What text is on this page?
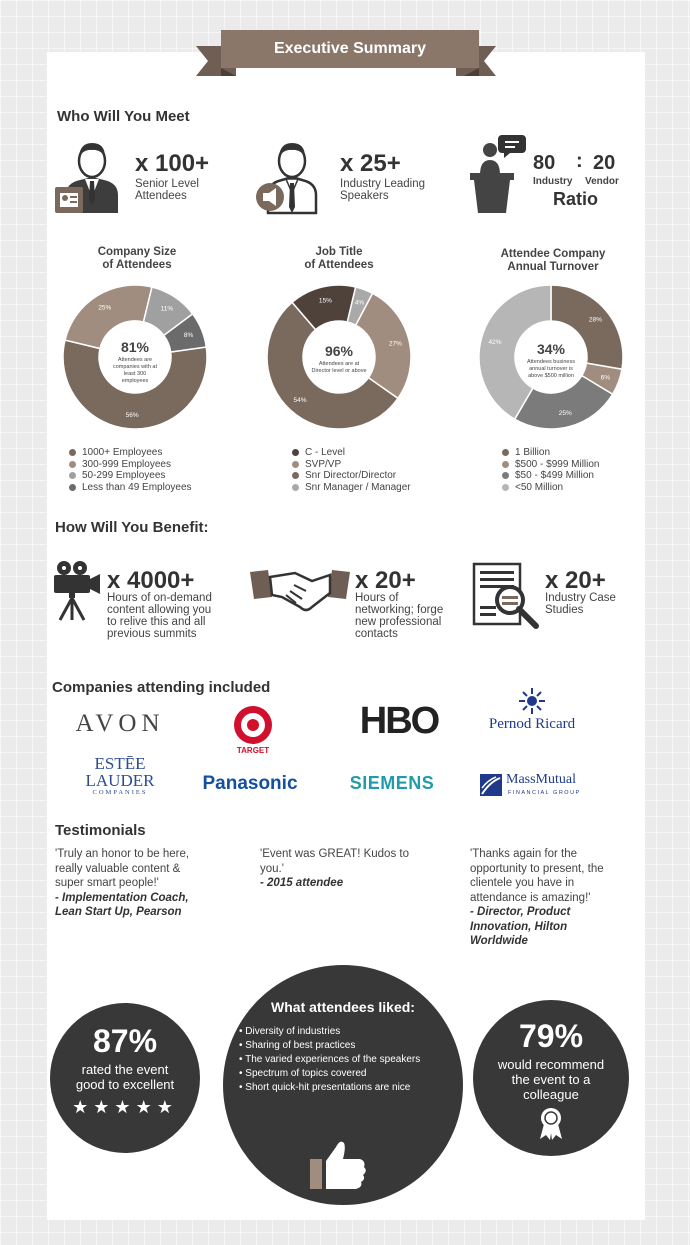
Executive Summary
Who Will You Meet
x 100+
Senior Level
Attendees
x 25+
Industry Leading
Speakers
80 : 20
Industry Vendor
Ratio
Company Size
of Attendees
Job Title
of Attendees
Attendee Company
Annual Turnover
56%
25%	11%
8%
81%
Attendees are
companies with at
least 300
employees
54%
15%	4%
27%
96%
Attendees are at
Director level or above
28%
6%
25%
42%	34%
Attendees business
annual turnover is
above $500 million
1000+ Employees
300-999 Employees
50-299 Employees
Less than 49 Employees
C - Level
SVP/VP
Snr Director/Director
Snr Manager / Manager
1 Billion
$500 - $999 Million
$50 - $499 Million
<50 Million
How Will You Benefit:
x 4000+
Hours of on-demand
content allowing you
to relive this and all
previous summits
x 20+
Hours of
networking; forge
new professional
contacts
x 20+
Industry Case
Studies
Companies attending included
AVON
TARGET
HBO	Pernod Ricard
ESTĒE
LAUDER
COMPANIES	Panasonic	SIEMENS	MassMutual
FINANCIAL GROUP
Testimonials
'Truly an honor to be here,
really valuable content &
super smart people!'
- Implementation Coach,
Lean Start Up, Pearson
'Event was GREAT! Kudos to
you.'
- 2015 attendee
'Thanks again for the
opportunity to present, the
clientele you have in
attendance is amazing!'
- Director, Product
Innovation, Hilton
Worldwide
87%
rated the event
good to excellent
★★★★★
What attendees liked:
• Diversity of industries
• Sharing of best practices
• The varied experiences of the speakers
• Spectrum of topics covered
• Short quick-hit presentations are nice
79%
would recommend
the event to a
colleague
